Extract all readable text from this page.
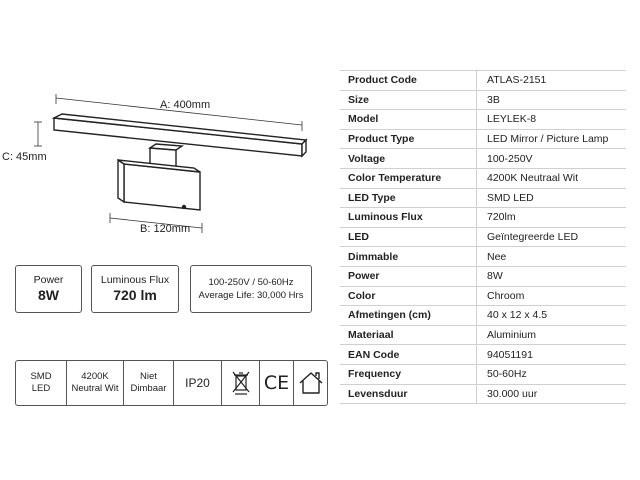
A: 400mm
C: 45mm
B: 120mm
Power
8W
Luminous Flux
720 lm
100-250V / 50-60Hz
Average Life: 30,000 Hrs
SMD
LED
4200K
Neutral Wit
Niet
Dimbaar IP20	CE
Product Code	ATLAS-2151
Size	3B
Model	LEYLEK-8
Product Type	LED Mirror / Picture Lamp
Voltage	100-250V
Color Temperature	4200K Neutraal Wit
LED Type	SMD LED
Luminous Flux	720lm
LED	Geïntegreerde LED
Dimmable	Nee
Power	8W
Color	Chroom
Afmetingen (cm)	40 x 12 x 4.5
Materiaal	Aluminium
EAN Code	94051191
Frequency	50-60Hz
Levensduur	30.000 uur
